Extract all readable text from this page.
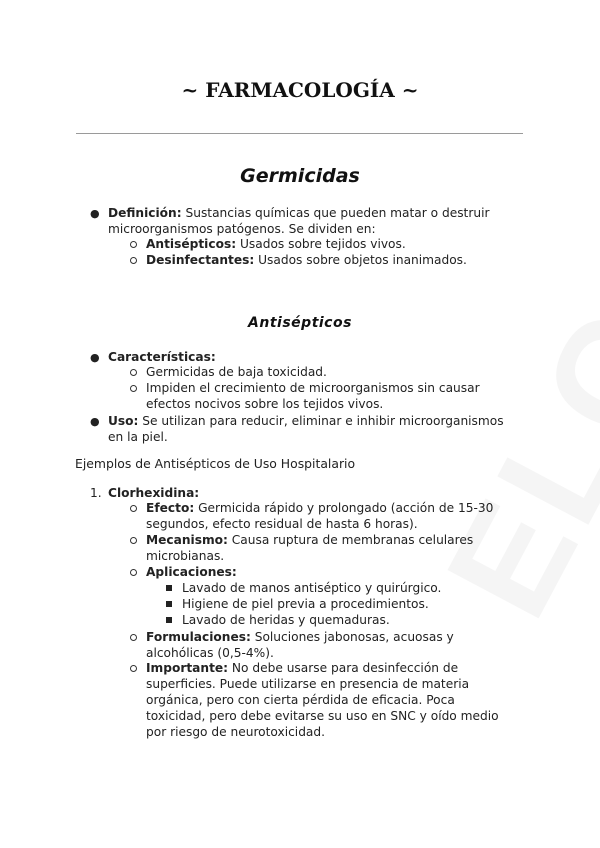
~ FARMACOLOGÍA ~
Germicidas
● Definición: Sustancias químicas que pueden matar o destruir
microorganismos patógenos. Se dividen en:
Antisépticos: Usados sobre tejidos vivos.
Desinfectantes: Usados sobre objetos inanimados.
Antisépticos
● Características:
Germicidas de baja toxicidad.
Impiden el crecimiento de microorganismos sin causar
efectos nocivos sobre los tejidos vivos.
● Uso: Se utilizan para reducir, eliminar e inhibir microorganismos
en la piel.
Ejemplos de Antisépticos de Uso Hospitalario
1. Clorhexidina:
Efecto: Germicida rápido y prolongado (acción de 15-30
segundos, efecto residual de hasta 6 horas).
Mecanismo: Causa ruptura de membranas celulares
microbianas.
Aplicaciones:
Lavado de manos antiséptico y quirúrgico.
Higiene de piel previa a procedimientos.
Lavado de heridas y quemaduras.
Formulaciones: Soluciones jabonosas, acuosas y
alcohólicas (0,5-4%).
Importante: No debe usarse para desinfección de
superficies. Puede utilizarse en presencia de materia
orgánica, pero con cierta pérdida de eficacia. Poca
toxicidad, pero debe evitarse su uso en SNC y oído medio
por riesgo de neurotoxicidad.
